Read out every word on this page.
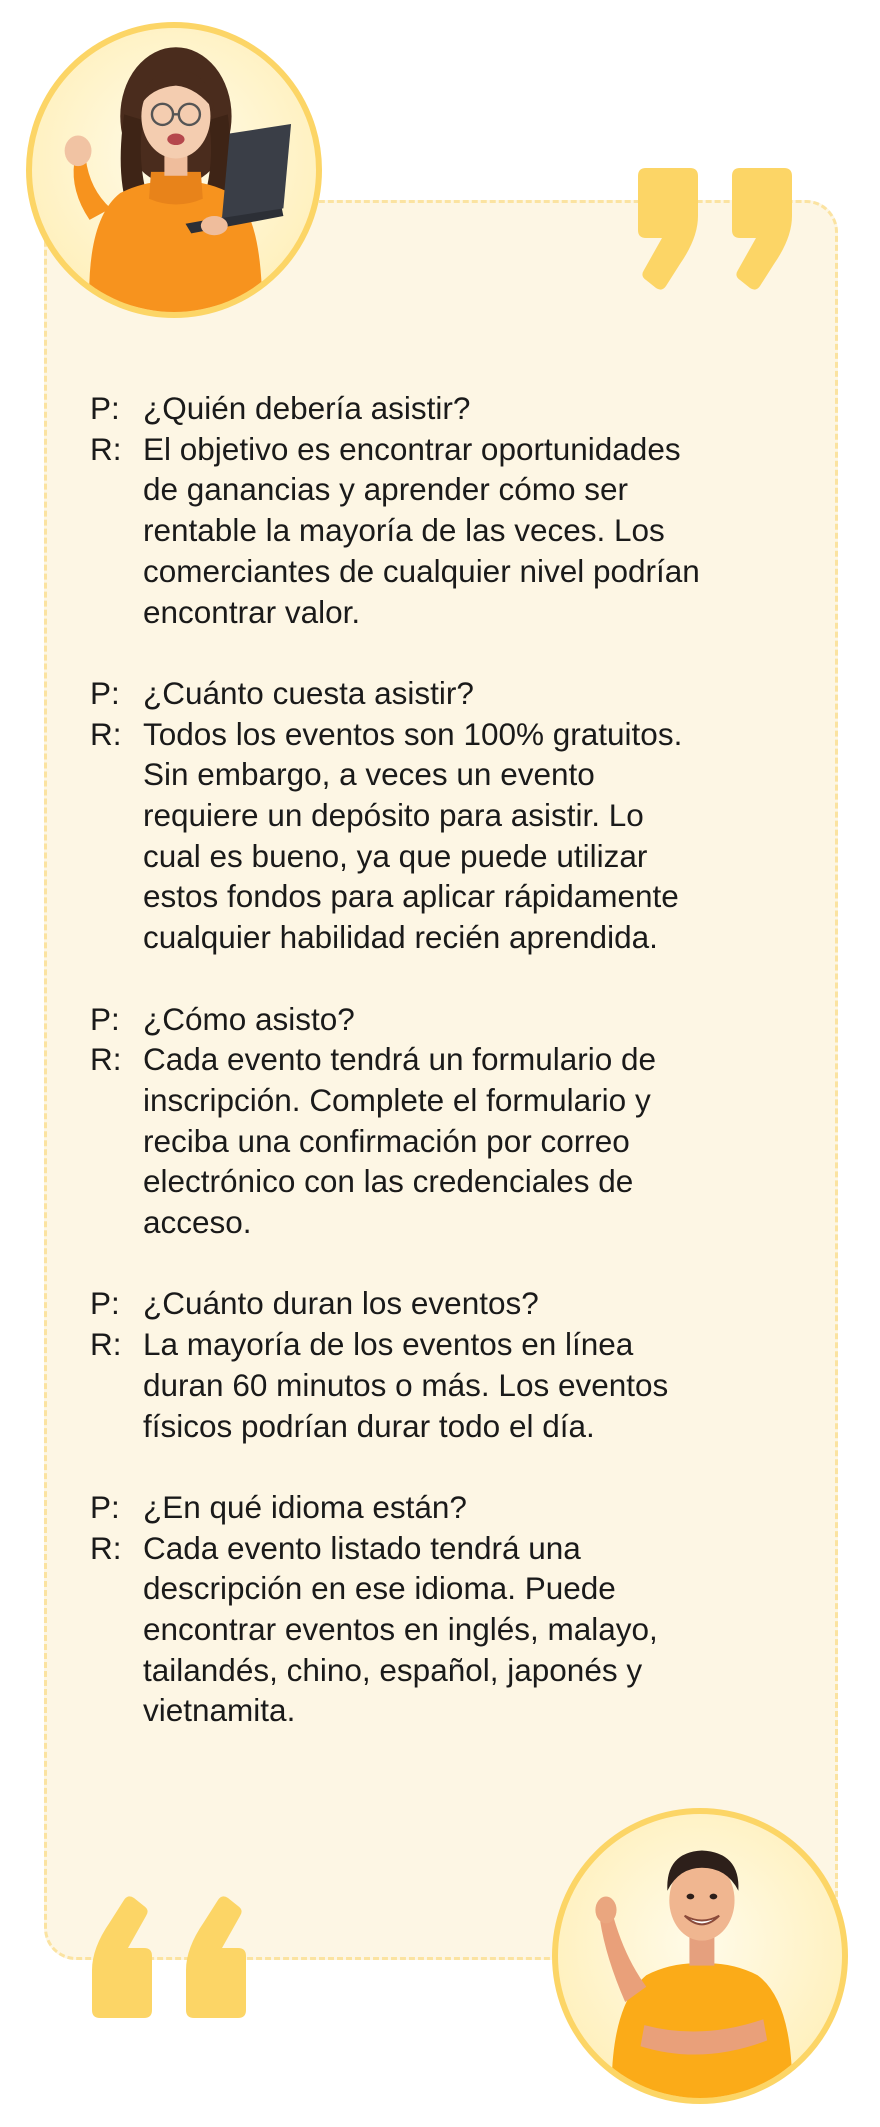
P: ¿Quién debería asistir?
R: El objetivo es encontrar oportunidades
de ganancias y aprender cómo ser
rentable la mayoría de las veces. Los
comerciantes de cualquier nivel podrían
encontrar valor.
P: ¿Cuánto cuesta asistir?
R: Todos los eventos son 100% gratuitos.
Sin embargo, a veces un evento
requiere un depósito para asistir. Lo
cual es bueno, ya que puede utilizar
estos fondos para aplicar rápidamente
cualquier habilidad recién aprendida.
P: ¿Cómo asisto?
R: Cada evento tendrá un formulario de
inscripción. Complete el formulario y
reciba una confirmación por correo
electrónico con las credenciales de
acceso.
P: ¿Cuánto duran los eventos?
R: La mayoría de los eventos en línea
duran 60 minutos o más. Los eventos
físicos podrían durar todo el día.
P: ¿En qué idioma están?
R: Cada evento listado tendrá una
descripción en ese idioma. Puede
encontrar eventos en inglés, malayo,
tailandés, chino, español, japonés y
vietnamita.
